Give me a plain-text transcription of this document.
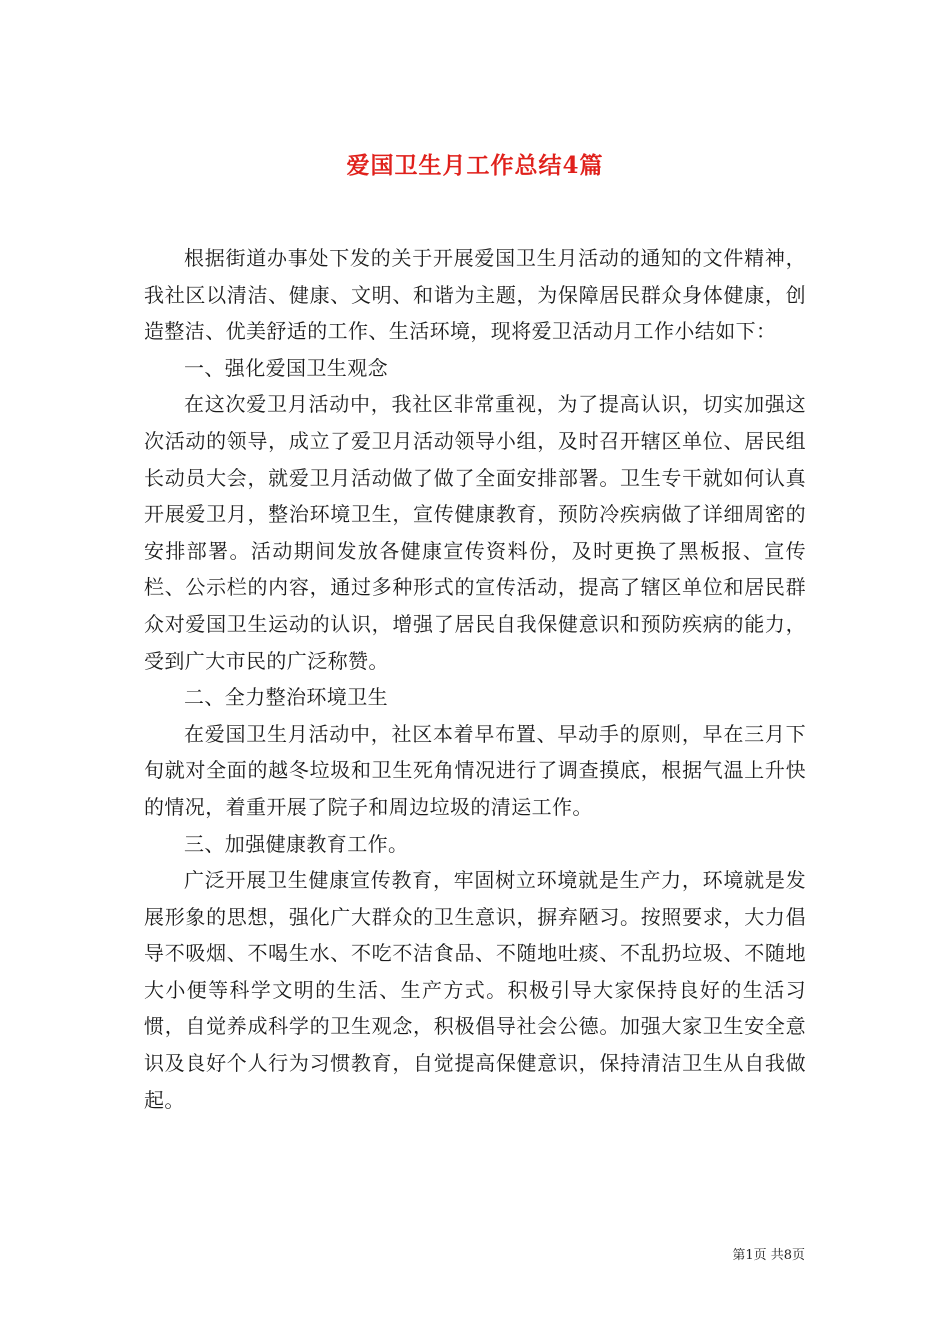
爱国卫生月工作总结4篇

根据街道办事处下发的关于开展爱国卫生月活动的通知的文件精神，我社区以清洁、健康、文明、和谐为主题，为保障居民群众身体健康，创造整洁、优美舒适的工作、生活环境，现将爱卫活动月工作小结如下：

一、强化爱国卫生观念

在这次爱卫月活动中，我社区非常重视，为了提高认识，切实加强这次活动的领导，成立了爱卫月活动领导小组，及时召开辖区单位、居民组长动员大会，就爱卫月活动做了做了全面安排部署。卫生专干就如何认真开展爱卫月，整治环境卫生，宣传健康教育，预防冷疾病做了详细周密的安排部署。活动期间发放各健康宣传资料份，及时更换了黑板报、宣传栏、公示栏的内容，通过多种形式的宣传活动，提高了辖区单位和居民群众对爱国卫生运动的认识，增强了居民自我保健意识和预防疾病的能力，受到广大市民的广泛称赞。

二、全力整治环境卫生

在爱国卫生月活动中，社区本着早布置、早动手的原则，早在三月下旬就对全面的越冬垃圾和卫生死角情况进行了调查摸底，根据气温上升快的情况，着重开展了院子和周边垃圾的清运工作。

三、加强健康教育工作。

广泛开展卫生健康宣传教育，牢固树立环境就是生产力，环境就是发展形象的思想，强化广大群众的卫生意识，摒弃陋习。按照要求，大力倡导不吸烟、不喝生水、不吃不洁食品、不随地吐痰、不乱扔垃圾、不随地大小便等科学文明的生活、生产方式。积极引导大家保持良好的生活习惯，自觉养成科学的卫生观念，积极倡导社会公德。加强大家卫生安全意识及良好个人行为习惯教育，自觉提高保健意识，保持清洁卫生从自我做起。

第1页 共8页
